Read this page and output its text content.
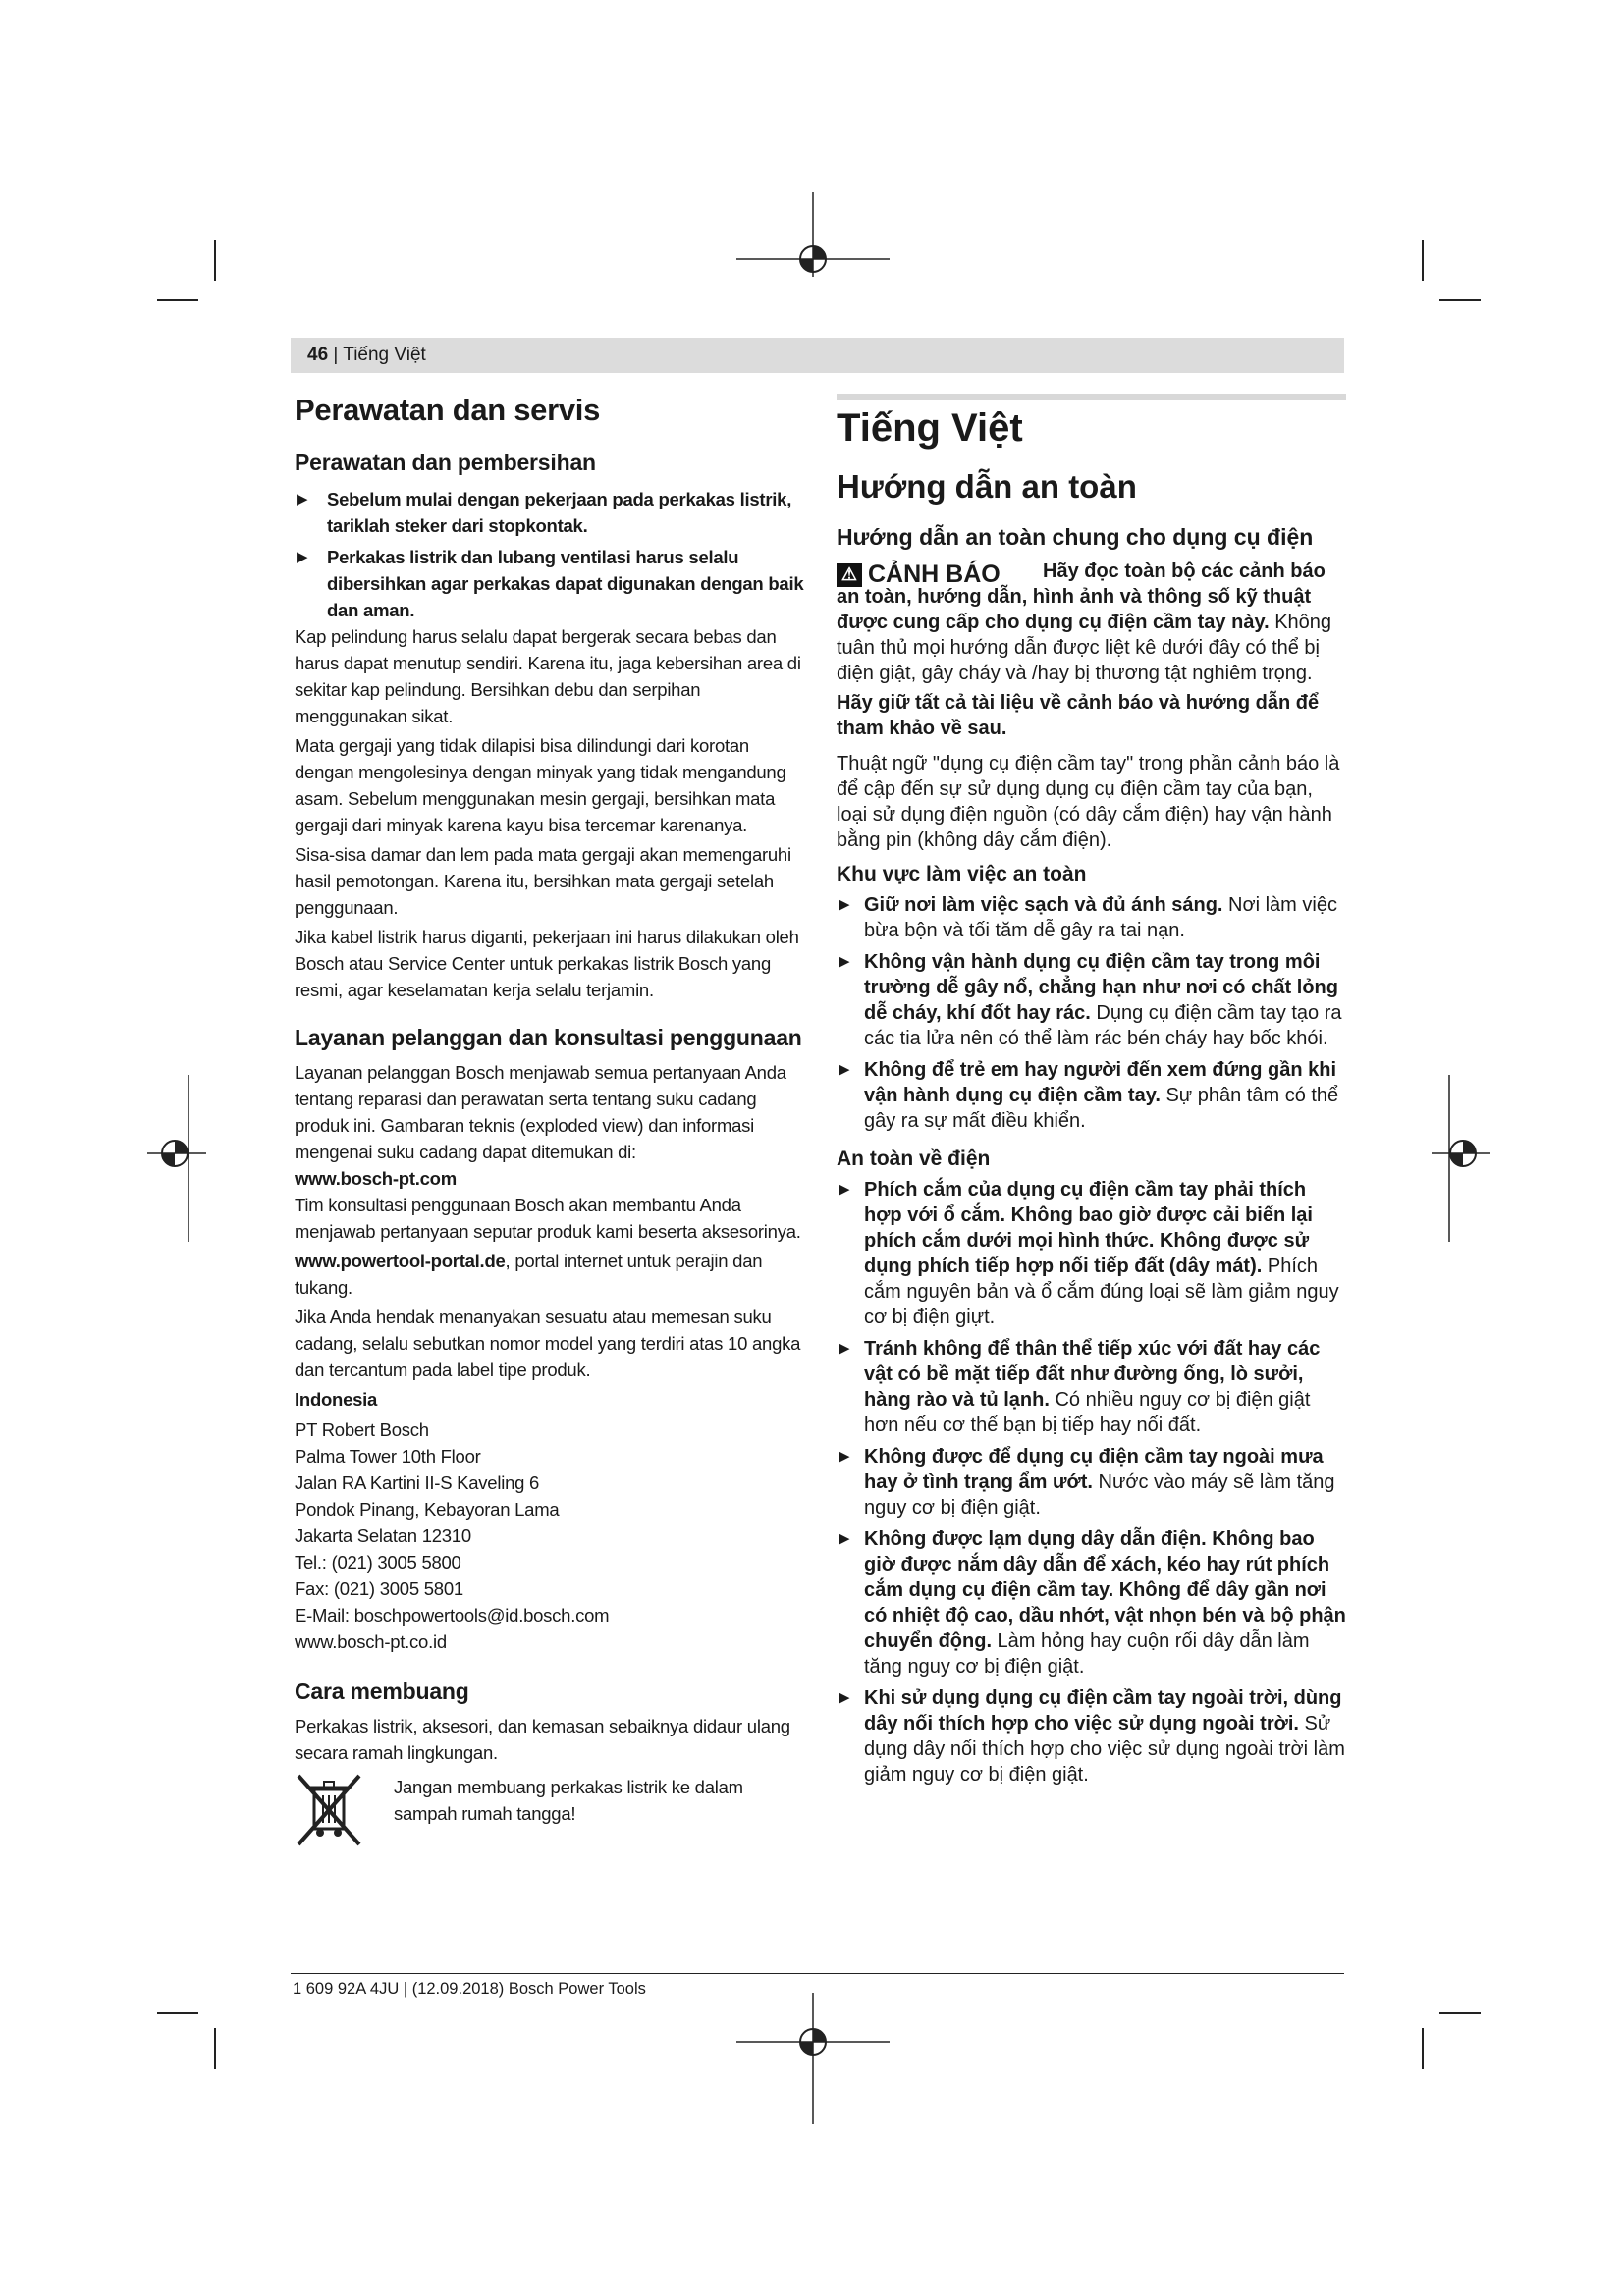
46 | Tiếng Việt
Perawatan dan servis
Perawatan dan pembersihan
▶ Sebelum mulai dengan pekerjaan pada perkakas listrik, tariklah steker dari stopkontak.
▶ Perkakas listrik dan lubang ventilasi harus selalu dibersihkan agar perkakas dapat digunakan dengan baik dan aman.

Kap pelindung harus selalu dapat bergerak secara bebas dan harus dapat menutup sendiri. Karena itu, jaga kebersihan area di sekitar kap pelindung. Bersihkan debu dan serpihan menggunakan sikat.

Mata gergaji yang tidak dilapisi bisa dilindungi dari korotan dengan mengolesinya dengan minyak yang tidak mengandung asam. Sebelum menggunakan mesin gergaji, bersihkan mata gergaji dari minyak karena kayu bisa tercemar karenanya.

Sisa-sisa damar dan lem pada mata gergaji akan memengaruhi hasil pemotongan. Karena itu, bersihkan mata gergaji setelah penggunaan.

Jika kabel listrik harus diganti, pekerjaan ini harus dilakukan oleh Bosch atau Service Center untuk perkakas listrik Bosch yang resmi, agar keselamatan kerja selalu terjamin.

Layanan pelanggan dan konsultasi penggunaan

Layanan pelanggan Bosch menjawab semua pertanyaan Anda tentang reparasi dan perawatan serta tentang suku cadang produk ini. Gambaran teknis (exploded view) dan informasi mengenai suku cadang dapat ditemukan di:

www.bosch-pt.com

Tim konsultasi penggunaan Bosch akan membantu Anda menjawab pertanyaan seputar produk kami beserta aksesorinya.

www.powertool-portal.de, portal internet untuk perajin dan tukang.

Jika Anda hendak menanyakan sesuatu atau memesan suku cadang, selalu sebutkan nomor model yang terdiri atas 10 angka dan tercantum pada label tipe produk.

Indonesia

PT Robert Bosch

Palma Tower 10th Floor

Jalan RA Kartini II-S Kaveling 6

Pondok Pinang, Kebayoran Lama

Jakarta Selatan 12310

Tel.: (021) 3005 5800

Fax: (021) 3005 5801

E-Mail: boschpowertools@id.bosch.com

www.bosch-pt.co.id

Cara membuang

Perkakas listrik, aksesori, dan kemasan sebaiknya didaur ulang secara ramah lingkungan.

Jangan membuang perkakas listrik ke dalam sampah rumah tangga!

Tiếng Việt
Hướng dẫn an toàn
Hướng dẫn an toàn chung cho dụng cụ điện
⚠ CẢNH BÁO	Hãy đọc toàn bộ các cảnh báo an toàn, hướng dẫn, hình ảnh và thông số kỹ thuật được cung cấp cho dụng cụ điện cầm tay này. Không tuân thủ mọi hướng dẫn được liệt kê dưới đây có thể bị điện giật, gây cháy và /hay bị thương tật nghiêm trọng.

Hãy giữ tất cả tài liệu về cảnh báo và hướng dẫn để tham khảo về sau.

Thuật ngữ "dụng cụ điện cầm tay" trong phần cảnh báo là để cập đến sự sử dụng dụng cụ điện cầm tay của bạn, loại sử dụng điện nguồn (có dây cắm điện) hay vận hành bằng pin (không dây cắm điện).

Khu vực làm việc an toàn
▶ Giữ nơi làm việc sạch và đủ ánh sáng. Nơi làm việc bừa bộn và tối tăm dễ gây ra tai nạn.
▶ Không vận hành dụng cụ điện cầm tay trong môi trường dễ gây nổ, chẳng hạn như nơi có chất lỏng dễ cháy, khí đốt hay rác. Dụng cụ điện cầm tay tạo ra các tia lửa nên có thể làm rác bén cháy hay bốc khói.
▶ Không để trẻ em hay người đến xem đứng gần khi vận hành dụng cụ điện cầm tay. Sự phân tâm có thể gây ra sự mất điều khiển.
An toàn về điện
▶ Phích cắm của dụng cụ điện cầm tay phải thích hợp với ổ cắm. Không bao giờ được cải biến lại phích cắm dưới mọi hình thức. Không được sử dụng phích tiếp hợp nối tiếp đất (dây mát). Phích cắm nguyên bản và ổ cắm đúng loại sẽ làm giảm nguy cơ bị điện giựt.
▶ Tránh không để thân thể tiếp xúc với đất hay các vật có bề mặt tiếp đất như đường ống, lò sưởi, hàng rào và tủ lạnh. Có nhiều nguy cơ bị điện giật hơn nếu cơ thể bạn bị tiếp hay nối đất.
▶ Không được để dụng cụ điện cầm tay ngoài mưa hay ở tình trạng ẩm ướt. Nước vào máy sẽ làm tăng nguy cơ bị điện giật.
▶ Không được lạm dụng dây dẫn điện. Không bao giờ được nắm dây dẫn để xách, kéo hay rút phích cắm dụng cụ điện cầm tay. Không để dây gần nơi có nhiệt độ cao, dầu nhớt, vật nhọn bén và bộ phận chuyển động. Làm hỏng hay cuộn rối dây dẫn làm tăng nguy cơ bị điện giật.
▶ Khi sử dụng dụng cụ điện cầm tay ngoài trời, dùng dây nối thích hợp cho việc sử dụng ngoài trời. Sử dụng dây nối thích hợp cho việc sử dụng ngoài trời làm giảm nguy cơ bị điện giật.
1 609 92A 4JU | (12.09.2018) Bosch Power Tools
